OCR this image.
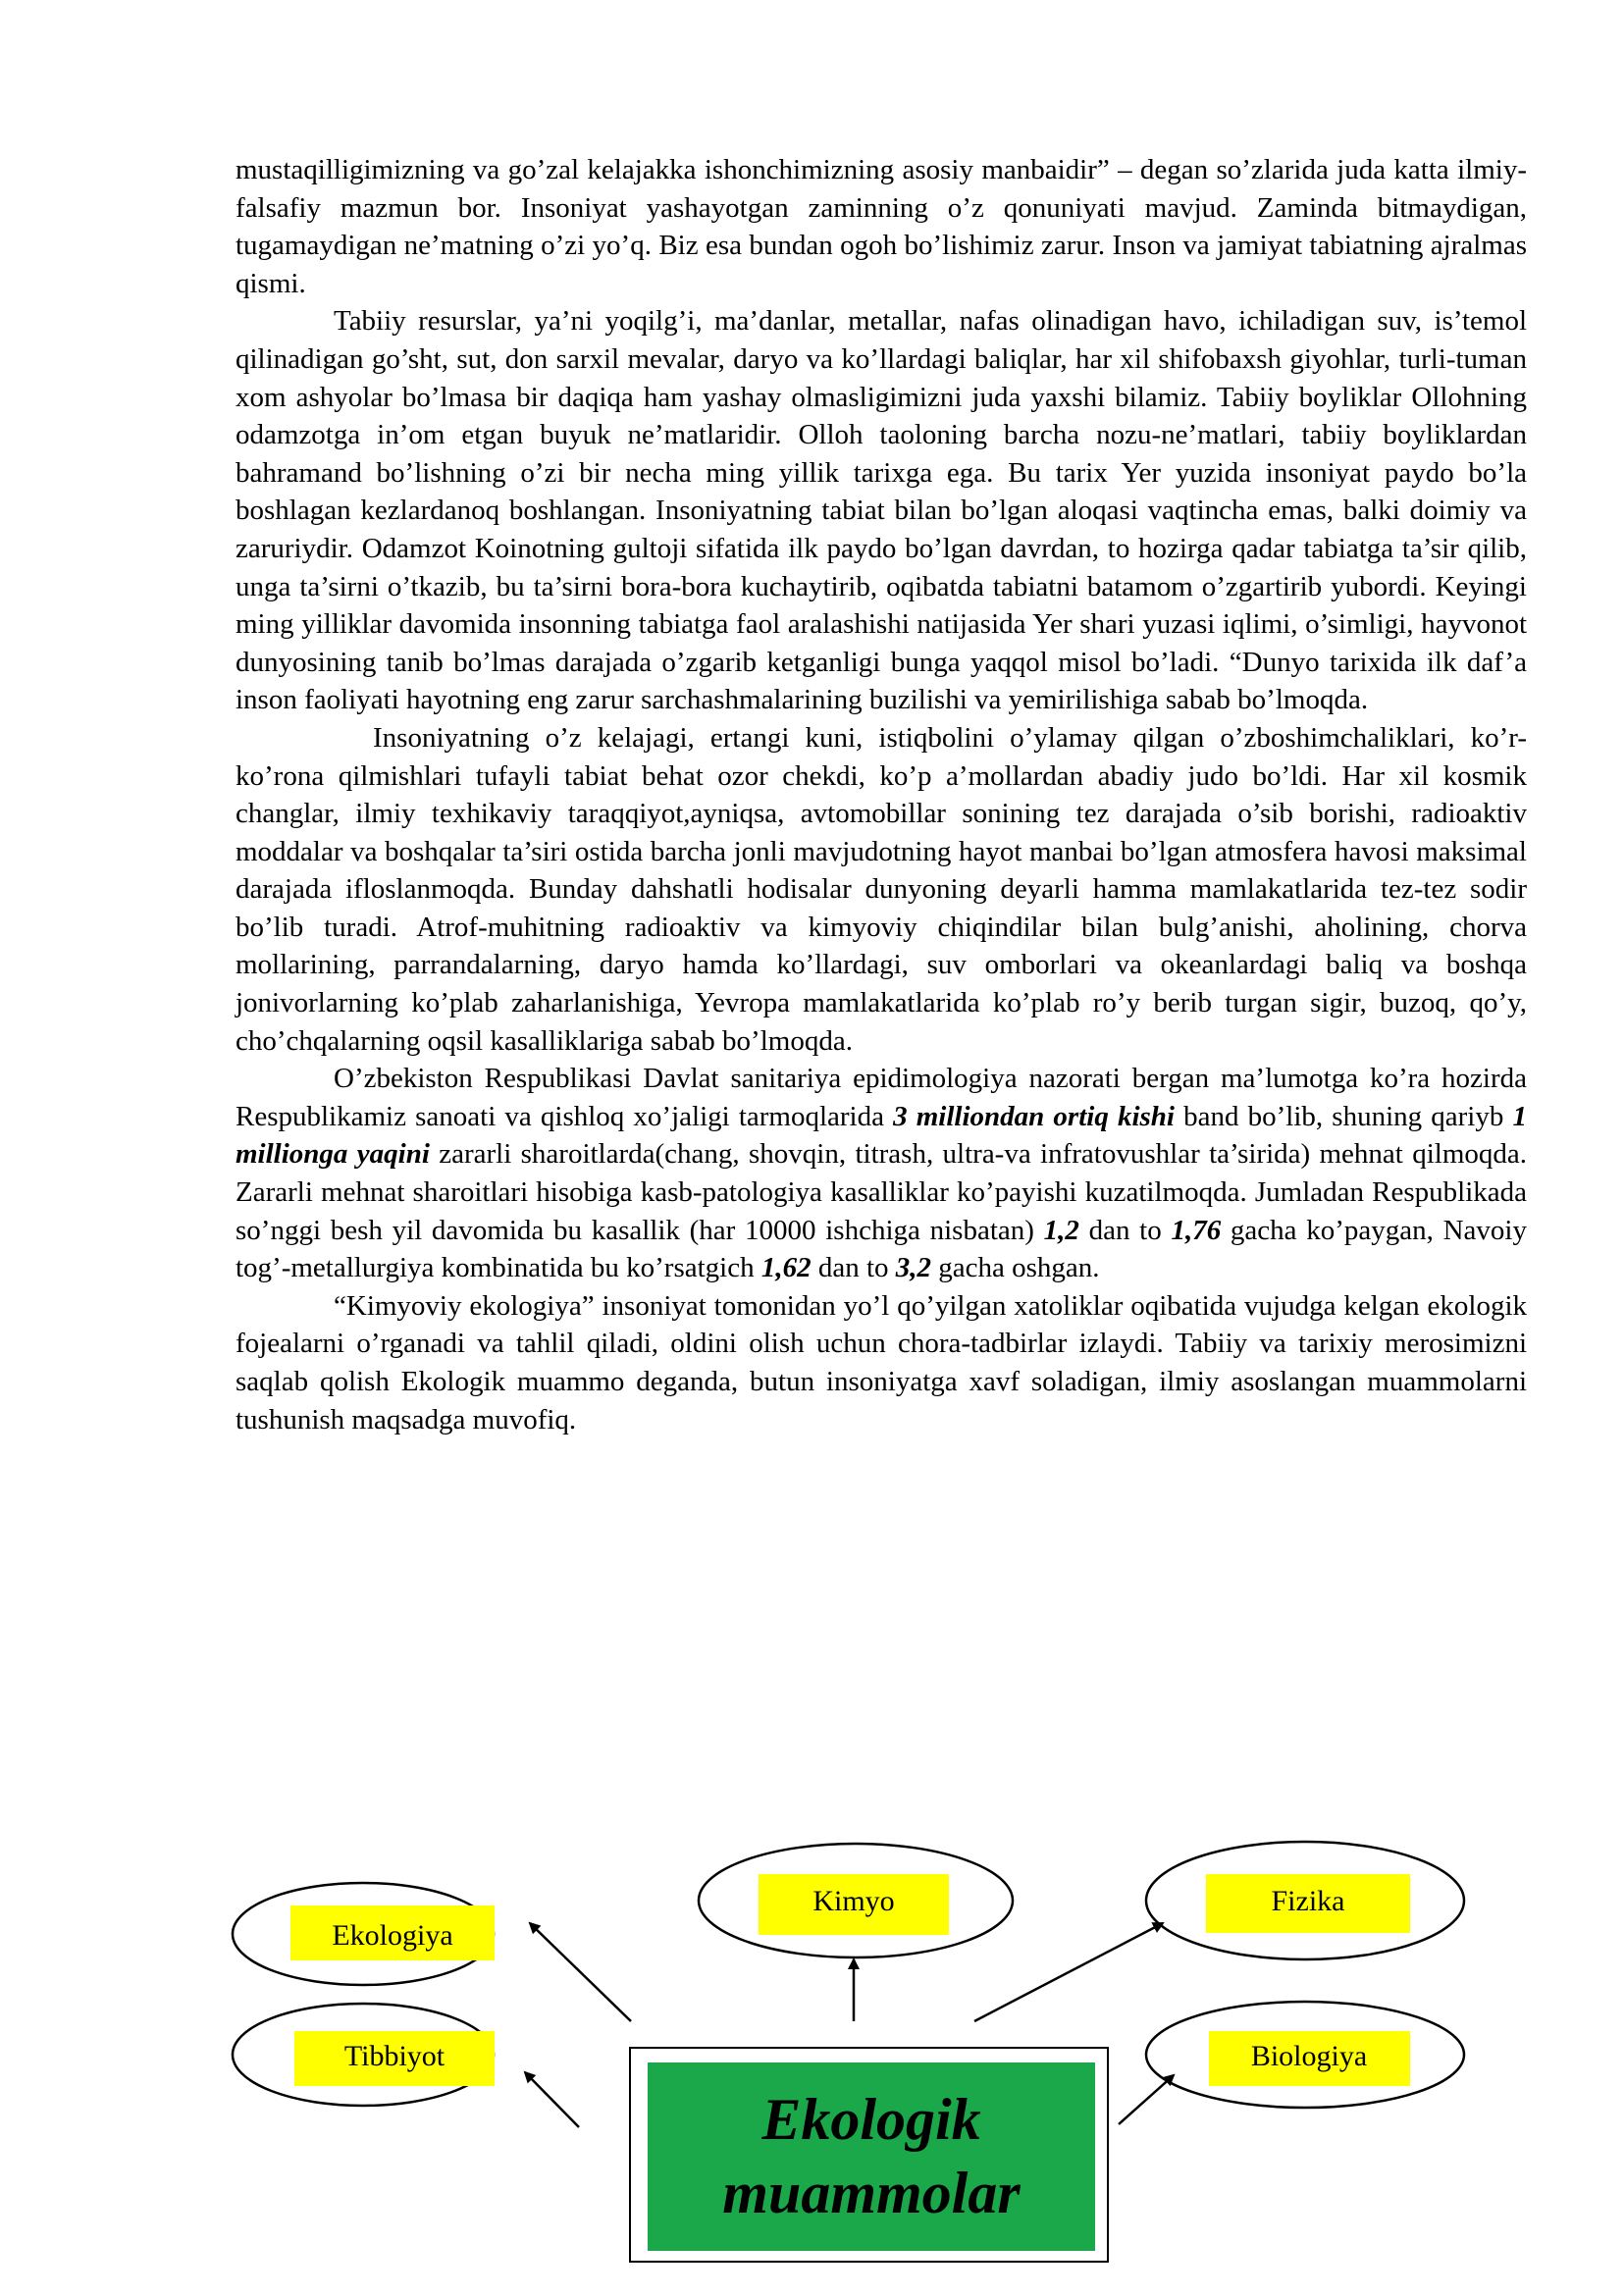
mustaqilligimizning va go’zal kelajakka ishonchimizning asosiy manbaidir” – degan so’zlarida juda katta ilmiy-falsafiy mazmun bor. Insoniyat yashayotgan zaminning o’z qonuniyati mavjud. Zaminda bitmaydigan, tugamaydigan ne’matning o’zi yo’q. Biz esa bundan ogoh bo’lishimiz zarur. Inson va jamiyat tabiatning ajralmas qismi.

Tabiiy resurslar, ya’ni yoqilg’i, ma’danlar, metallar, nafas olinadigan havo, ichiladigan suv, is’temol qilinadigan go’sht, sut, don sarxil mevalar, daryo va ko’llardagi baliqlar, har xil shifobaxsh giyohlar, turli-tuman xom ashyolar bo’lmasa bir daqiqa ham yashay olmasligimizni juda yaxshi bilamiz. Tabiiy boyliklar Ollohning odamzotga in’om etgan buyuk ne’matlaridir. Olloh taoloning barcha nozu-ne’matlari, tabiiy boyliklardan bahramand bo’lishning o’zi bir necha ming yillik tarixga ega. Bu tarix Yer yuzida insoniyat paydo bo’la boshlagan kezlardanoq boshlangan. Insoniyatning tabiat bilan bo’lgan aloqasi vaqtincha emas, balki doimiy va zaruriydir. Odamzot Koinotning gultoji sifatida ilk paydo bo’lgan davrdan, to hozirga qadar tabiatga ta’sir qilib, unga ta’sirni o’tkazib, bu ta’sirni bora-bora kuchaytirib, oqibatda tabiatni batamom o’zgartirib yubordi. Keyingi ming yilliklar davomida insonning tabiatga faol aralashishi natijasida Yer shari yuzasi iqlimi, o’simligi, hayvonot dunyosining tanib bo’lmas darajada o’zgarib ketganligi bunga yaqqol misol bo’ladi. “Dunyo tarixida ilk daf’a inson faoliyati hayotning eng zarur sarchashmalarining buzilishi va yemirilishiga sabab bo’lmoqda.

Insoniyatning o’z kelajagi, ertangi kuni, istiqbolini o’ylamay qilgan o’zboshimchaliklari, ko’r-ko’rona qilmishlari tufayli tabiat behat ozor chekdi, ko’p a’mollardan abadiy judo bo’ldi. Har xil kosmik changlar, ilmiy texhikaviy taraqqiyot,ayniqsa, avtomobillar sonining tez darajada o’sib borishi, radioaktiv moddalar va boshqalar ta’siri ostida barcha jonli mavjudotning hayot manbai bo’lgan atmosfera havosi maksimal darajada ifloslanmoqda. Bunday dahshatli hodisalar dunyoning deyarli hamma mamlakatlarida tez-tez sodir bo’lib turadi. Atrof-muhitning radioaktiv va kimyoviy chiqindilar bilan bulg’anishi, aholining, chorva mollarining, parrandalarning, daryo hamda ko’llardagi, suv omborlari va okeanlardagi baliq va boshqa jonivorlarning ko’plab zaharlanishiga, Yevropa mamlakatlarida ko’plab ro’y berib turgan sigir, buzoq, qo’y, cho’chqalarning oqsil kasalliklariga sabab bo’lmoqda.

O’zbekiston Respublikasi Davlat sanitariya epidimologiya nazorati bergan ma’lumotga ko’ra hozirda Respublikamiz sanoati va qishloq xo’jaligi tarmoqlarida 3 milliondan ortiq kishi band bo’lib, shuning qariyb 1 millionga yaqini zararli sharoitlarda(chang, shovqin, titrash, ultra-va infratovushlar ta’sirida) mehnat qilmoqda. Zararli mehnat sharoitlari hisobiga kasb-patologiya kasalliklar ko’payishi kuzatilmoqda. Jumladan Respublikada so’nggi besh yil davomida bu kasallik (har 10000 ishchiga nisbatan) 1,2 dan to 1,76 gacha ko’paygan, Navoiy tog’-metallurgiya kombinatida bu ko’rsatgich 1,62 dan to 3,2 gacha oshgan.

“Kimyoviy ekologiya” insoniyat tomonidan yo’l qo’yilgan xatoliklar oqibatida vujudga kelgan ekologik fojealarni o’rganadi va tahlil qiladi, oldini olish uchun chora-tadbirlar izlaydi. Tabiiy va tarixiy merosimizni saqlab qolish Ekologik muammo deganda, butun insoniyatga xavf soladigan, ilmiy asoslangan muammolarni tushunish maqsadga muvofiq.

Ekologiya
Kimyo	Fizika
Tibbiyot	Biologiya
Ekologik
muammolar
